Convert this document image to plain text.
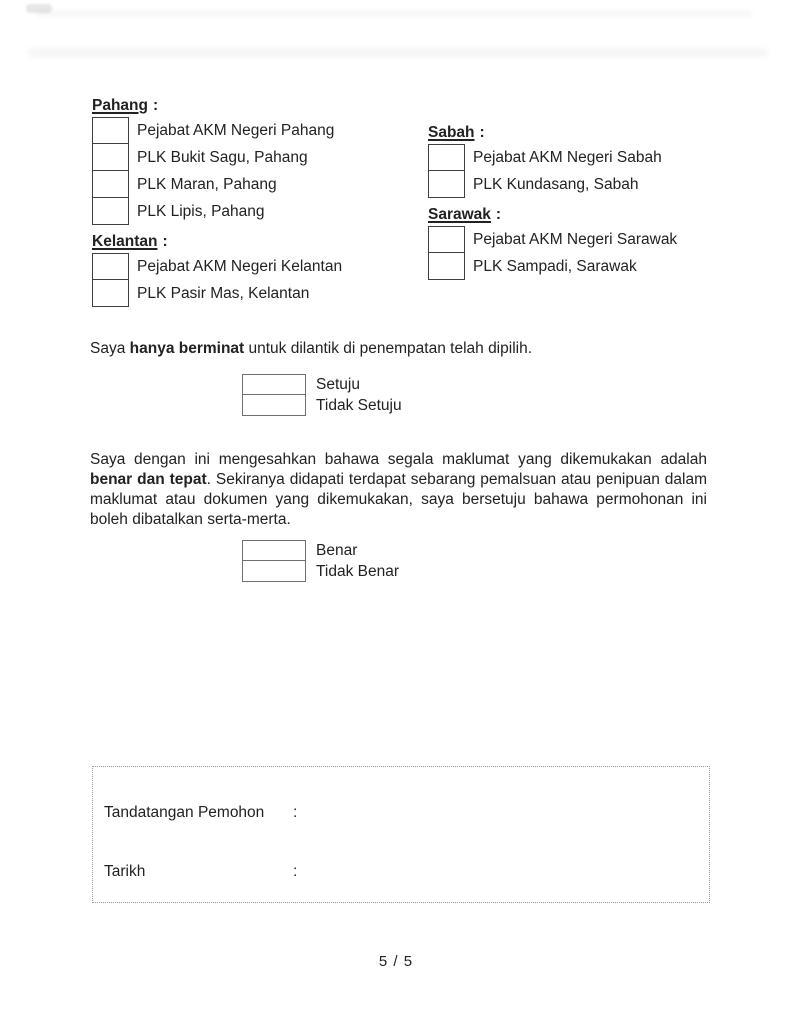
Pahang :
Pejabat AKM Negeri Pahang
PLK Bukit Sagu, Pahang
PLK Maran, Pahang
PLK Lipis, Pahang
Kelantan :
Pejabat AKM Negeri Kelantan
PLK Pasir Mas, Kelantan
Sabah :
Pejabat AKM Negeri Sabah
PLK Kundasang, Sabah
Sarawak :
Pejabat AKM Negeri Sarawak
PLK Sampadi, Sarawak

Saya hanya berminat untuk dilantik di penempatan telah dipilih.

Setuju
Tidak Setuju

Saya dengan ini mengesahkan bahawa segala maklumat yang dikemukakan adalah benar dan tepat. Sekiranya didapati terdapat sebarang pemalsuan atau penipuan dalam maklumat atau dokumen yang dikemukakan, saya bersetuju bahawa permohonan ini boleh dibatalkan serta-merta.

Benar
Tidak Benar
Tandatangan Pemohon	:
Tarikh	:
5 / 5
